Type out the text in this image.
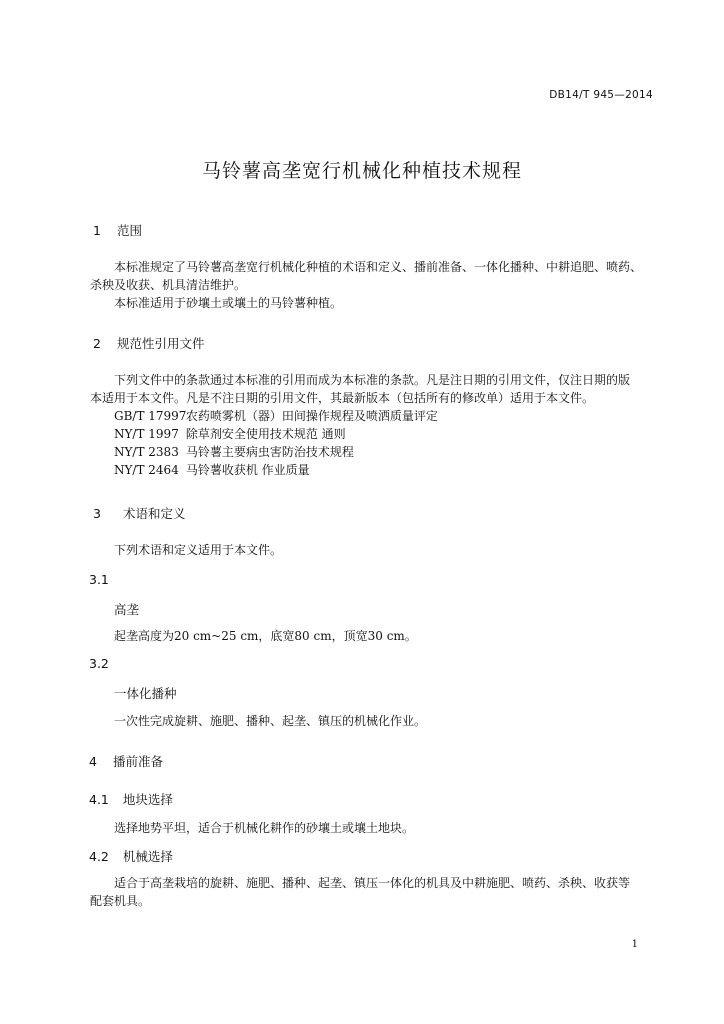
DB14/T 945—2014
马铃薯高垄宽行机械化种植技术规程
1 范围
本标准规定了马铃薯高垄宽行机械化种植的术语和定义、播前准备、一体化播种、中耕追肥、喷药、
杀秧及收获、机具清洁维护。
本标准适用于砂壤土或壤土的马铃薯种植。
2 规范性引用文件
下列文件中的条款通过本标准的引用而成为本标准的条款。凡是注日期的引用文件，仅注日期的版
本适用于本文件。凡是不注日期的引用文件，其最新版本（包括所有的修改单）适用于本文件。
GB/T 17997 农药喷雾机（器）田间操作规程及喷洒质量评定
NY/T 1997 除草剂安全使用技术规范 通则
NY/T 2383 马铃薯主要病虫害防治技术规程
NY/T 2464 马铃薯收获机 作业质量
3 术语和定义
下列术语和定义适用于本文件。
3.1
高垄
起垄高度为20 cm~25 cm，底宽80 cm，顶宽30 cm。
3.2
一体化播种
一次性完成旋耕、施肥、播种、起垄、镇压的机械化作业。
4 播前准备
4.1 地块选择
选择地势平坦，适合于机械化耕作的砂壤土或壤土地块。
4.2 机械选择
适合于高垄栽培的旋耕、施肥、播种、起垄、镇压一体化的机具及中耕施肥、喷药、杀秧、收获等
配套机具。
1
